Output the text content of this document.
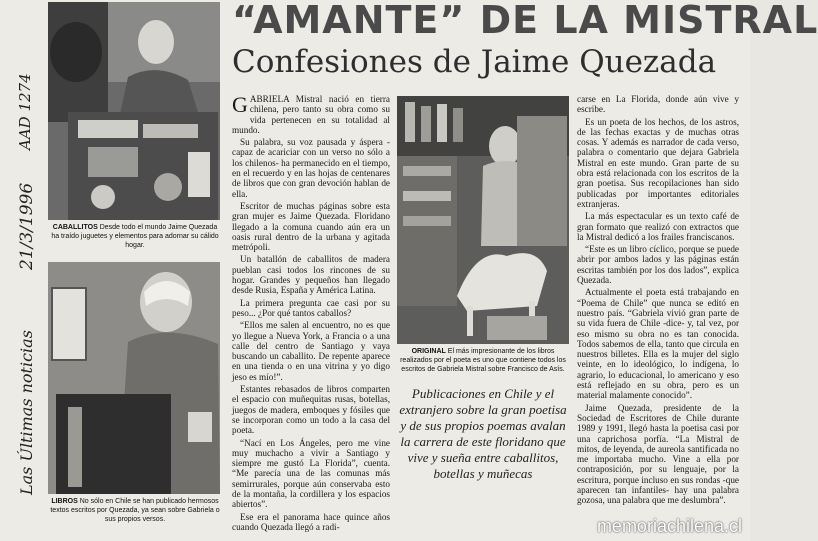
AAD 1274
21/3/1996
Las Últimas noticias
“AMANTE” DE LA MISTRAL
Confesiones de Jaime Quezada
CABALLITOS Desde todo el mundo Jaime Quezada ha traído juguetes y elementos para adornar su cálido hogar.
LIBROS No sólo en Chile se han publicado hermosos textos escritos por Quezada, ya sean sobre Gabriela o sus propios versos.

GABRIELA Mistral nació en tierra chilena, pero tanto su obra como su vida pertenecen en su totalidad al mundo.

Su palabra, su voz pausada y áspera -capaz de acariciar con un verso no sólo a los chilenos- ha permanecido en el tiempo, en el recuerdo y en las hojas de centenares de libros que con gran devoción hablan de ella.

Escritor de muchas páginas sobre esta gran mujer es Jaime Quezada. Floridano llegado a la comuna cuando aún era un oasis rural dentro de la urbana y agitada metrópoli.

Un batallón de caballitos de madera pueblan casi todos los rincones de su hogar. Grandes y pequeños han llegado desde Rusia, España y América Latina.

La primera pregunta cae casi por su peso... ¿Por qué tantos caballos?

“Ellos me salen al encuentro, no es que yo llegue a Nueva York, a Francia o a una calle del centro de Santiago y vaya buscando un caballito. De repente aparece en una tienda o en una vitrina y yo digo jeso es mío!”.

Estantes rebasados de libros comparten el espacio con muñequitas rusas, botellas, juegos de madera, emboques y fósiles que se incorporan como un todo a la casa del poeta.

“Nací en Los Ángeles, pero me vine muy muchacho a vivir a Santiago y siempre me gustó La Florida”, cuenta. “Me parecía una de las comunas más semirrurales, porque aún conservaba esto de la montaña, la cordillera y los espacios abiertos”.

Ese era el panorama hace quince años cuando Quezada llegó a radi-

ORIGINAL El más impresionante de los libros realizados por el poeta es uno que contiene todos los escritos de Gabriela Mistral sobre Francisco de Asís.
Publicaciones en Chile y el extranjero sobre la gran poetisa y de sus propios poemas avalan la carrera de este floridano que vive y sueña entre caballitos, botellas y muñecas

carse en La Florida, donde aún vive y escribe.

Es un poeta de los hechos, de los astros, de las fechas exactas y de muchas otras cosas. Y además es narrador de cada verso, palabra o comentario que dejara Gabriela Mistral en este mundo. Gran parte de su obra está relacionada con los escritos de la gran poetisa. Sus recopilaciones han sido publicadas por importantes editoriales extranjeras.

La más espectacular es un texto café de gran formato que realizó con extractos que la Mistral dedicó a los frailes franciscanos.

“Este es un libro cíclico, porque se puede abrir por ambos lados y las páginas están escritas también por los dos lados”, explica Quezada.

Actualmente el poeta está trabajando en “Poema de Chile” que nunca se editó en nuestro país. “Gabriela vivió gran parte de su vida fuera de Chile -dice- y, tal vez, por eso mismo su obra no es tan conocida. Todos sabemos de ella, tanto que circula en nuestros billetes. Ella es la mujer del siglo veinte, en lo ideológico, lo indígena, lo agrario, lo educacional, lo americano y eso está reflejado en su obra, pero es un material malamente conocido”.

Jaime Quezada, presidente de la Sociedad de Escritores de Chile durante 1989 y 1991, llegó hasta la poetisa casi por una caprichosa porfía. “La Mistral de mitos, de leyenda, de aureola santificada no me importaba mucho. Vine a ella por contraposición, por su lenguaje, por la escritura, porque incluso en sus rondas -que aparecen tan infantiles- hay una palabra gozosa, una palabra que me deslumbra”.

memoriachilena.cl
